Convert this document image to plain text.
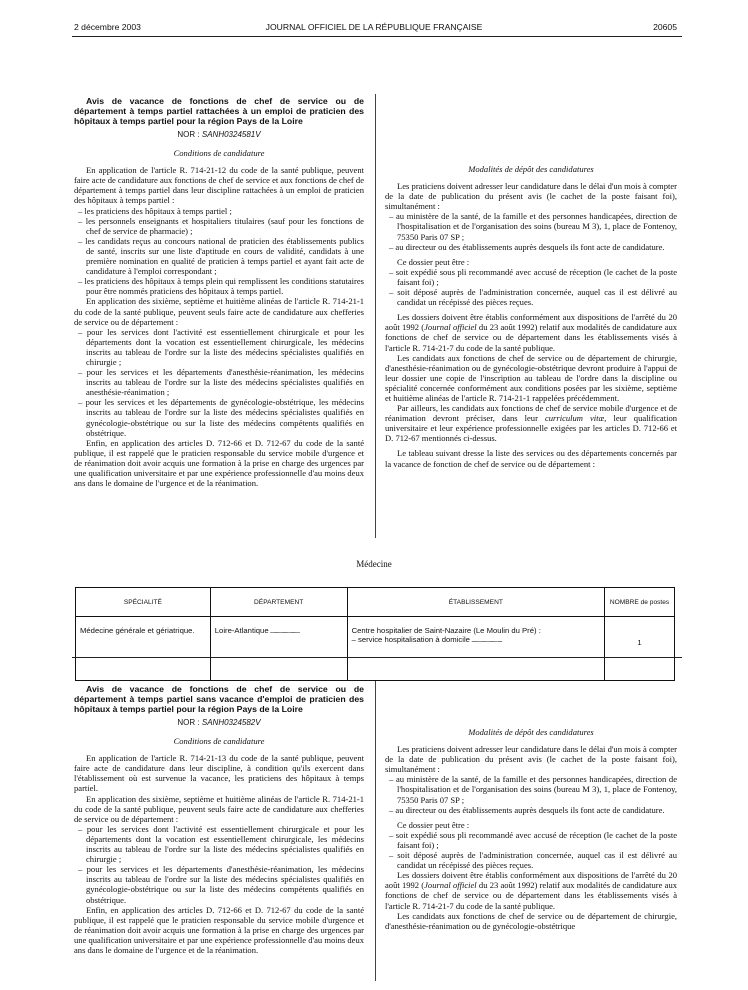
2 décembre 2003	JOURNAL OFFICIEL DE LA RÉPUBLIQUE FRANÇAISE	20605

Avis de vacance de fonctions de chef de service ou de département à temps partiel rattachées à un emploi de praticien des hôpitaux à temps partiel pour la région Pays de la Loire

NOR : SANH0324581V
Conditions de candidature

En application de l'article R. 714-21-12 du code de la santé publique, peuvent faire acte de candidature aux fonctions de chef de service et aux fonctions de chef de département à temps partiel dans leur discipline rattachées à un emploi de praticien des hôpitaux à temps partiel :

– les praticiens des hôpitaux à temps partiel ;
– les personnels enseignants et hospitaliers titulaires (sauf pour les fonctions de chef de service de pharmacie) ;
– les candidats reçus au concours national de praticien des établissements publics de santé, inscrits sur une liste d'aptitude en cours de validité, candidats à une première nomination en qualité de praticien à temps partiel et ayant fait acte de candidature à l'emploi correspondant ;
– les praticiens des hôpitaux à temps plein qui remplissent les conditions statutaires pour être nommés praticiens des hôpitaux à temps partiel.

En application des sixième, septième et huitième alinéas de l'article R. 714-21-1 du code de la santé publique, peuvent seuls faire acte de candidature aux chefferies de service ou de département :

– pour les services dont l'activité est essentiellement chirurgicale et pour les départements dont la vocation est essentiellement chirurgicale, les médecins inscrits au tableau de l'ordre sur la liste des médecins spécialistes qualifiés en chirurgie ;
– pour les services et les départements d'anesthésie-réanimation, les médecins inscrits au tableau de l'ordre sur la liste des médecins spécialistes qualifiés en anesthésie-réanimation ;
– pour les services et les départements de gynécologie-obstétrique, les médecins inscrits au tableau de l'ordre sur la liste des médecins spécialistes qualifiés en gynécologie-obstétrique ou sur la liste des médecins compétents qualifiés en obstétrique.

Enfin, en application des articles D. 712-66 et D. 712-67 du code de la santé publique, il est rappelé que le praticien responsable du service mobile d'urgence et de réanimation doit avoir acquis une formation à la prise en charge des urgences par une qualification universitaire et par une expérience professionnelle d'au moins deux ans dans le domaine de l'urgence et de la réanimation.

Modalités de dépôt des candidatures

Les praticiens doivent adresser leur candidature dans le délai d'un mois à compter de la date de publication du présent avis (le cachet de la poste faisant foi), simultanément :

– au ministère de la santé, de la famille et des personnes handicapées, direction de l'hospitalisation et de l'organisation des soins (bureau M 3), 1, place de Fontenoy, 75350 Paris 07 SP ;
– au directeur ou des établissements auprès desquels ils font acte de candidature.

Ce dossier peut être :

– soit expédié sous pli recommandé avec accusé de réception (le cachet de la poste faisant foi) ;
– soit déposé auprès de l'administration concernée, auquel cas il est délivré au candidat un récépissé des pièces reçues.

Les dossiers doivent être établis conformément aux dispositions de l'arrêté du 20 août 1992 (Journal officiel du 23 août 1992) relatif aux modalités de candidature aux fonctions de chef de service ou de département dans les établissements visés à l'article R. 714-21-7 du code de la santé publique.

Les candidats aux fonctions de chef de service ou de département de chirurgie, d'anesthésie-réanimation ou de gynécologie-obstétrique devront produire à l'appui de leur dossier une copie de l'inscription au tableau de l'ordre dans la discipline ou spécialité concernée conformément aux conditions posées par les sixième, septième et huitième alinéas de l'article R. 714-21-1 rappelées précédemment.

Par ailleurs, les candidats aux fonctions de chef de service mobile d'urgence et de réanimation devront préciser, dans leur curriculum vitæ, leur qualification universitaire et leur expérience professionnelle exigées par les articles D. 712-66 et D. 712-67 mentionnés ci-dessus.

Le tableau suivant dresse la liste des services ou des départements concernés par la vacance de fonction de chef de service ou de département :

Médecine
SPÉCIALITÉ	DÉPARTEMENT	ÉTABLISSEMENT	NOMBRE de postes
Médecine générale et gériatrique.	Loire-Atlantique ..........................	Centre hospitalier de Saint-Nazaire (Le Moulin du Pré) :
– service hospitalisation à domicile ...........................	1

Avis de vacance de fonctions de chef de service ou de département à temps partiel sans vacance d'emploi de praticien des hôpitaux à temps partiel pour la région Pays de la Loire

NOR : SANH0324582V
Conditions de candidature

En application de l'article R. 714-21-13 du code de la santé publique, peuvent faire acte de candidature dans leur discipline, à condition qu'ils exercent dans l'établissement où est survenue la vacance, les praticiens des hôpitaux à temps partiel.

En application des sixième, septième et huitième alinéas de l'article R. 714-21-1 du code de la santé publique, peuvent seuls faire acte de candidature aux chefferies de service ou de département :

– pour les services dont l'activité est essentiellement chirurgicale et pour les départements dont la vocation est essentiellement chirurgicale, les médecins inscrits au tableau de l'ordre sur la liste des médecins spécialistes qualifiés en chirurgie ;
– pour les services et les départements d'anesthésie-réanimation, les médecins inscrits au tableau de l'ordre sur la liste des médecins spécialistes qualifiés en gynécologie-obstétrique ou sur la liste des médecins compétents qualifiés en obstétrique.

Enfin, en application des articles D. 712-66 et D. 712-67 du code de la santé publique, il est rappelé que le praticien responsable du service mobile d'urgence et de réanimation doit avoir acquis une formation à la prise en charge des urgences par une qualification universitaire et par une expérience professionnelle d'au moins deux ans dans le domaine de l'urgence et de la réanimation.

Modalités de dépôt des candidatures

Les praticiens doivent adresser leur candidature dans le délai d'un mois à compter de la date de publication du présent avis (le cachet de la poste faisant foi), simultanément :

– au ministère de la santé, de la famille et des personnes handicapées, direction de l'hospitalisation et de l'organisation des soins (bureau M 3), 1, place de Fontenoy, 75350 Paris 07 SP ;
– au directeur ou des établissements auprès desquels ils font acte de candidature.

Ce dossier peut être :

– soit expédié sous pli recommandé avec accusé de réception (le cachet de la poste faisant foi) ;
– soit déposé auprès de l'administration concernée, auquel cas il est délivré au candidat un récépissé des pièces reçues.

Les dossiers doivent être établis conformément aux dispositions de l'arrêté du 20 août 1992 (Journal officiel du 23 août 1992) relatif aux modalités de candidature aux fonctions de chef de service ou de département dans les établissements visés à l'article R. 714-21-7 du code de la santé publique.

Les candidats aux fonctions de chef de service ou de département de chirurgie, d'anesthésie-réanimation ou de gynécologie-obstétrique
